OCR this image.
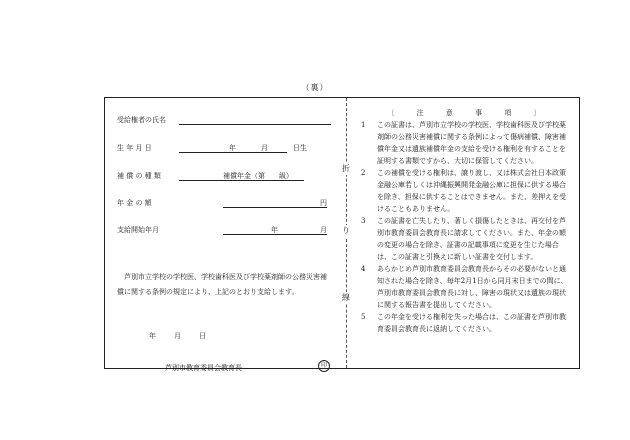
（裏）
折
り
線
受給権者の氏名
生 年 月 日	年	月	日生
補 償 の 種 類	補償年金（第　　級）
年 金 の 額	円
支給開始年月	年	月
芦別市立学校の学校医、学校歯科医及び学校薬剤師の公務災害補償に関する条例の規定により、上記のとおり支給します。
年	月	日
芦別市教育委員会教育長	印
〔	注	意	事	項	〕
1 この証書は、芦別市立学校の学校医、学校歯科医及び学校薬剤師の公務災害補償に関する条例によって傷病補償、障害補償年金又は遺族補償年金の支給を受ける権利を有することを証明する書類ですから、大切に保管してください。
2 この補償を受ける権利は、譲り渡し、又は株式会社日本政策金融公庫若しくは沖縄振興開発金融公庫に担保に供する場合を除き、担保に供することはできません。また、差押えを受けることもありません。
3 この証書を亡失したり、著しく損傷したときは、再交付を芦別市教育委員会教育長に請求してください。また、年金の額の変更の場合を除き、証書の記載事項に変更を生じた場合は、この証書と引換えに新しい証書を交付します。
4 あらかじめ芦別市教育委員会教育長からその必要がないと通知された場合を除き、毎年2月1日から同月末日までの間に、芦別市教育委員会教育長に対し、障害の現状又は遺族の現状に関する報告書を提出してください。
5 この年金を受ける権利を失った場合は、この証書を芦別市教育委員会教育長に返納してください。
